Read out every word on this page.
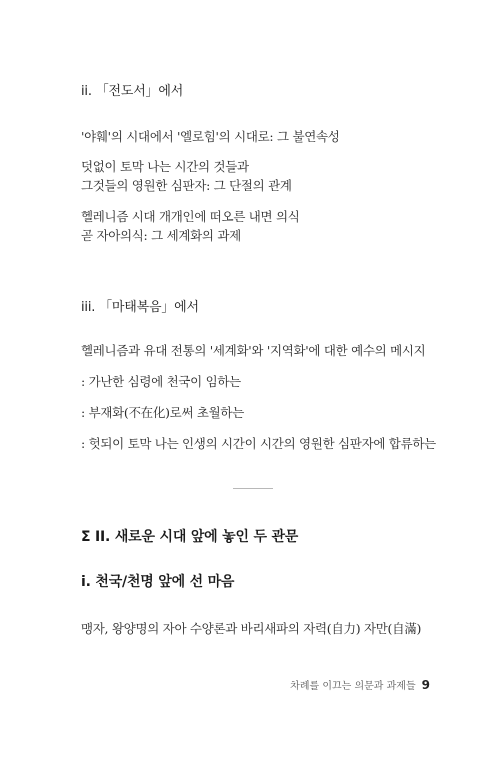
ii. 「전도서」에서
'야훼'의 시대에서 '엘로힘'의 시대로: 그 불연속성
덧없이 토막 나는 시간의 것들과
그것들의 영원한 심판자: 그 단절의 관계
헬레니즘 시대 개개인에 떠오른 내면 의식
곧 자아의식: 그 세계화의 과제
iii. 「마태복음」에서
헬레니즘과 유대 전통의 '세계화'와 '지역화'에 대한 예수의 메시지
: 가난한 심령에 천국이 임하는
: 부재화(不在化)로써 초월하는
: 헛되이 토막 나는 인생의 시간이 시간의 영원한 심판자에 합류하는
Σ II. 새로운 시대 앞에 놓인 두 관문
i. 천국/천명 앞에 선 마음
맹자, 왕양명의 자아 수양론과 바리새파의 자력(自力) 자만(自滿)
차례를 이끄는 의문과 과제들 9
